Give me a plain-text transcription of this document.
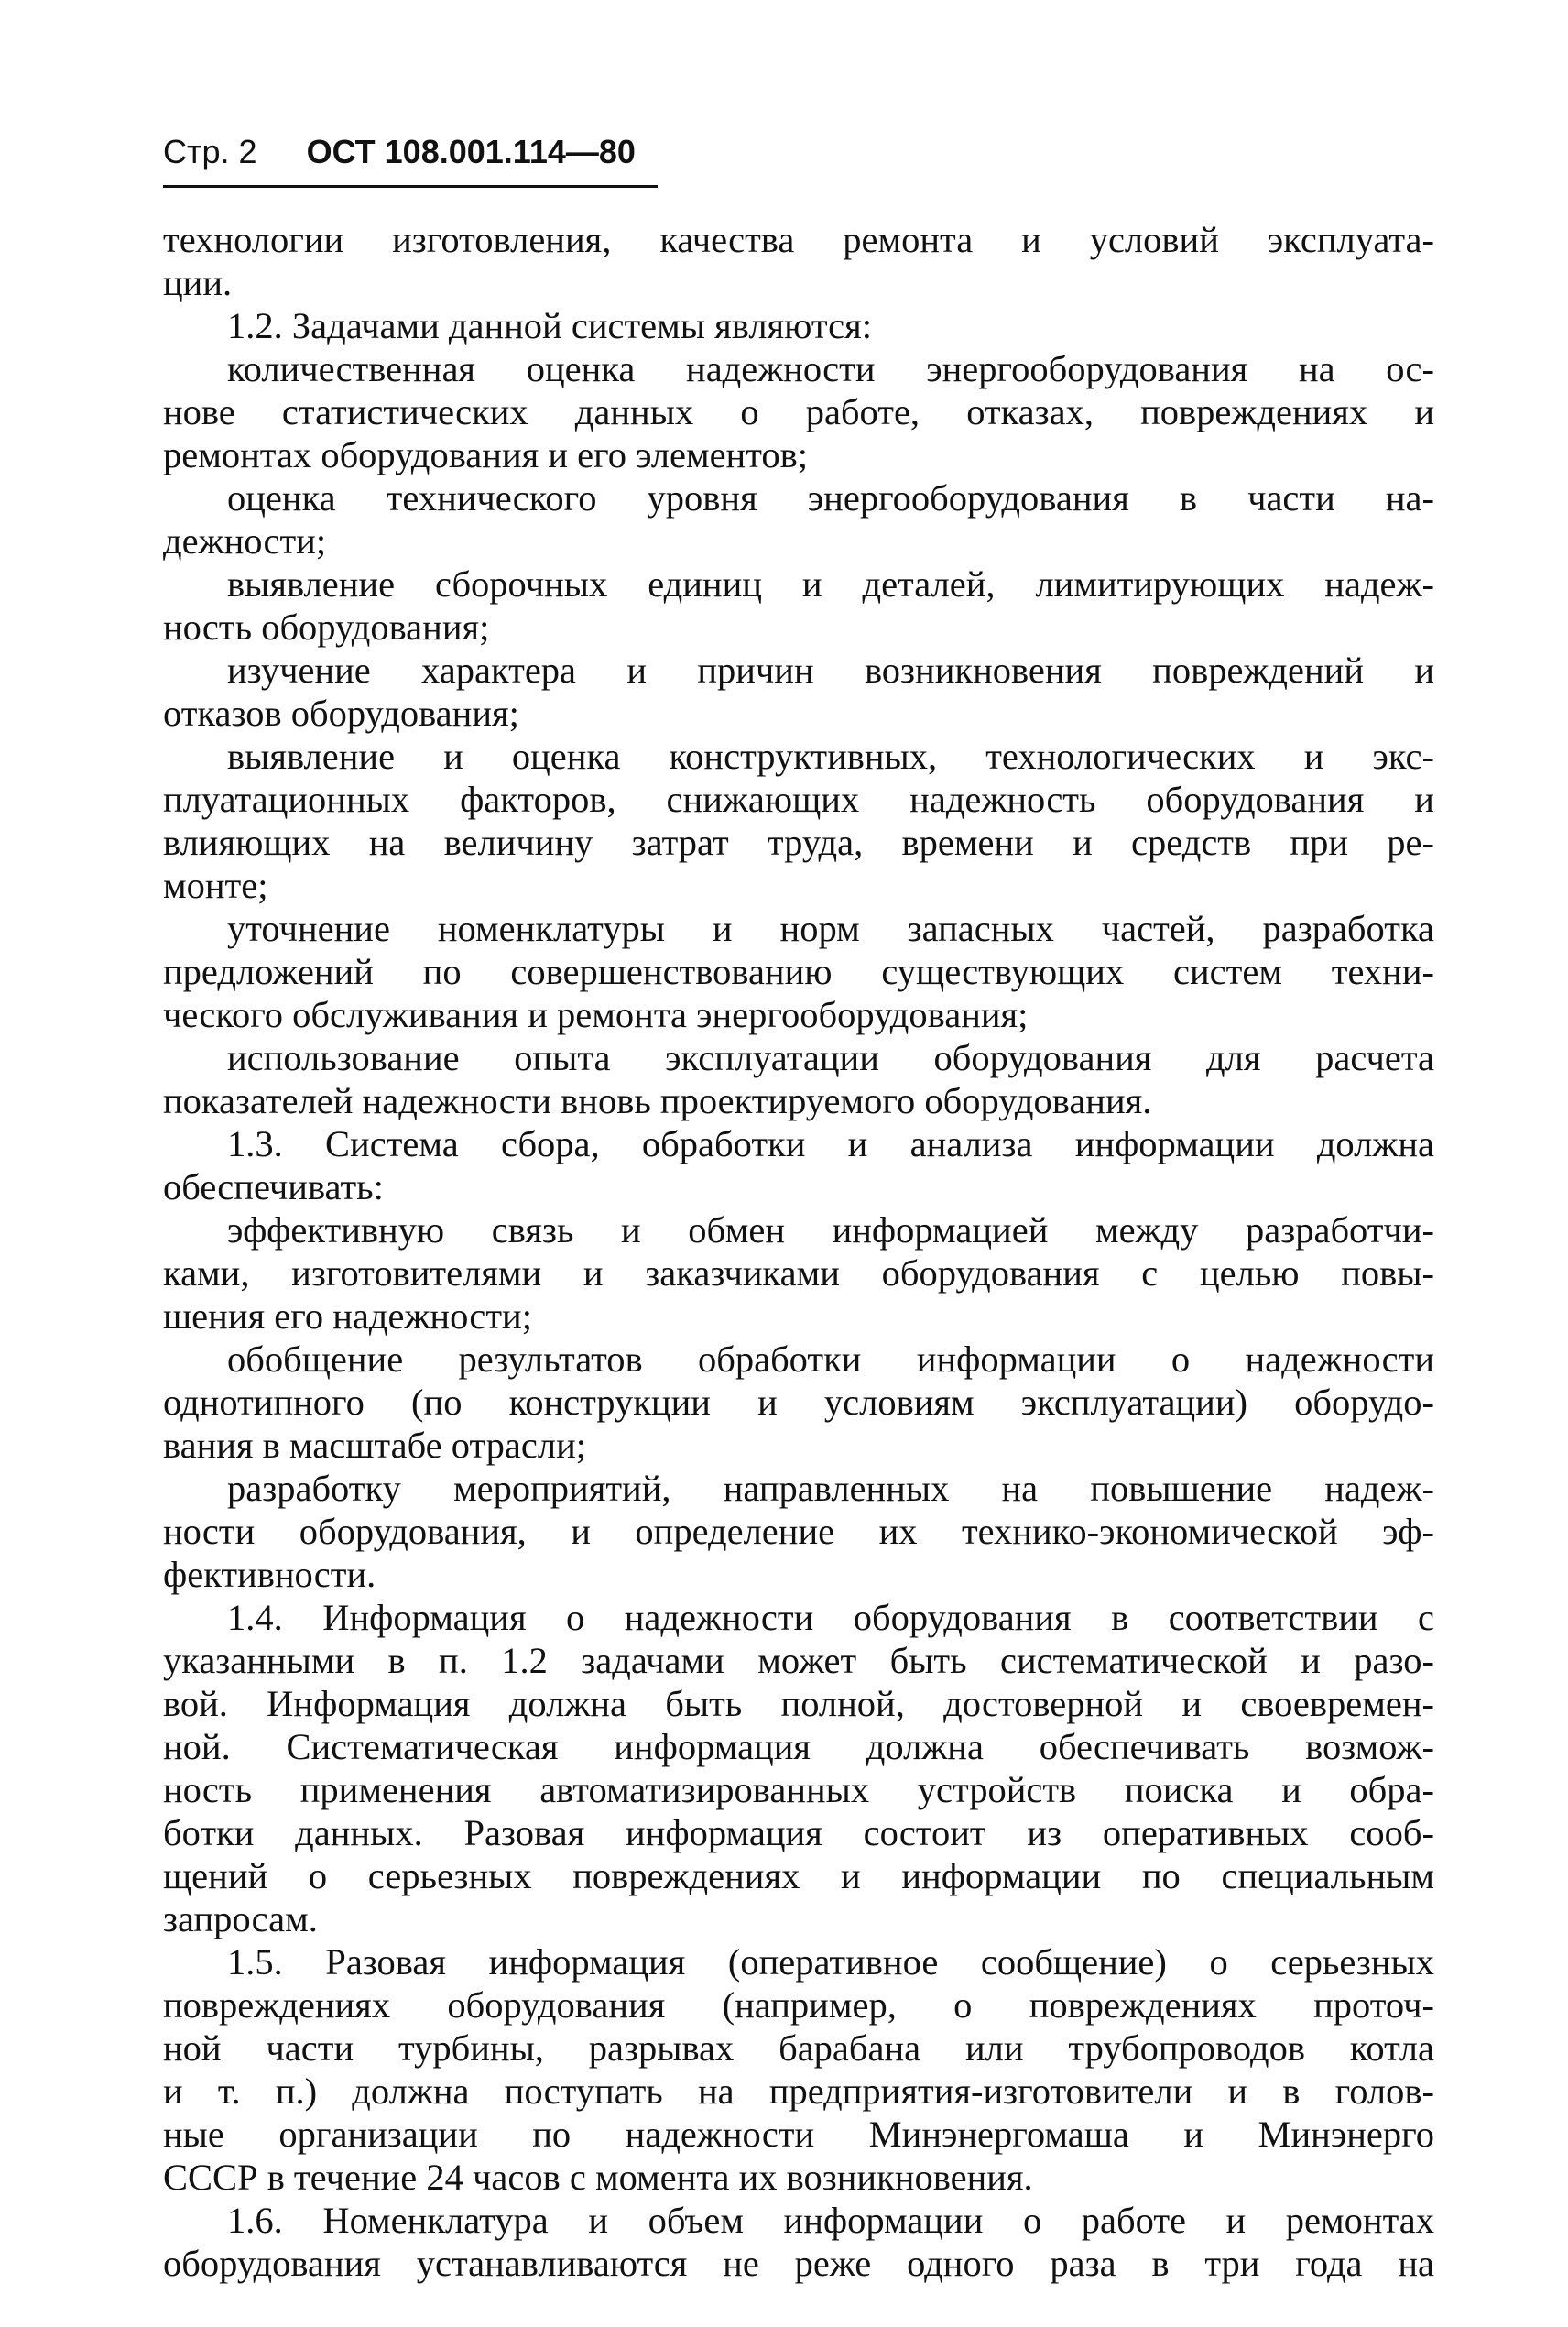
Стр. 2 ОСТ 108.001.114—80
технологии изготовления, качества ремонта и условий эксплуата-
ции.
1.2. Задачами данной системы являются:
количественная оценка надежности энергооборудования на ос-
нове статистических данных о работе, отказах, повреждениях и
ремонтах оборудования и его элементов;
оценка технического уровня энергооборудования в части на-
дежности;
выявление сборочных единиц и деталей, лимитирующих надеж-
ность оборудования;
изучение характера и причин возникновения повреждений и
отказов оборудования;
выявление и оценка конструктивных, технологических и экс-
плуатационных факторов, снижающих надежность оборудования и
влияющих на величину затрат труда, времени и средств при ре-
монте;
уточнение номенклатуры и норм запасных частей, разработка
предложений по совершенствованию существующих систем техни-
ческого обслуживания и ремонта энергооборудования;
использование опыта эксплуатации оборудования для расчета
показателей надежности вновь проектируемого оборудования.
1.3. Система сбора, обработки и анализа информации должна
обеспечивать:
эффективную связь и обмен информацией между разработчи-
ками, изготовителями и заказчиками оборудования с целью повы-
шения его надежности;
обобщение результатов обработки информации о надежности
однотипного (по конструкции и условиям эксплуатации) оборудо-
вания в масштабе отрасли;
разработку мероприятий, направленных на повышение надеж-
ности оборудования, и определение их технико-экономической эф-
фективности.
1.4. Информация о надежности оборудования в соответствии с
указанными в п. 1.2 задачами может быть систематической и разо-
вой. Информация должна быть полной, достоверной и своевремен-
ной. Систематическая информация должна обеспечивать возмож-
ность применения автоматизированных устройств поиска и обра-
ботки данных. Разовая информация состоит из оперативных сооб-
щений о серьезных повреждениях и информации по специальным
запросам.
1.5. Разовая информация (оперативное сообщение) о серьезных
повреждениях оборудования (например, о повреждениях проточ-
ной части турбины, разрывах барабана или трубопроводов котла
и т. п.) должна поступать на предприятия-изготовители и в голов-
ные организации по надежности Минэнергомаша и Минэнерго
СССР в течение 24 часов с момента их возникновения.
1.6. Номенклатура и объем информации о работе и ремонтах
оборудования устанавливаются не реже одного раза в три года на
